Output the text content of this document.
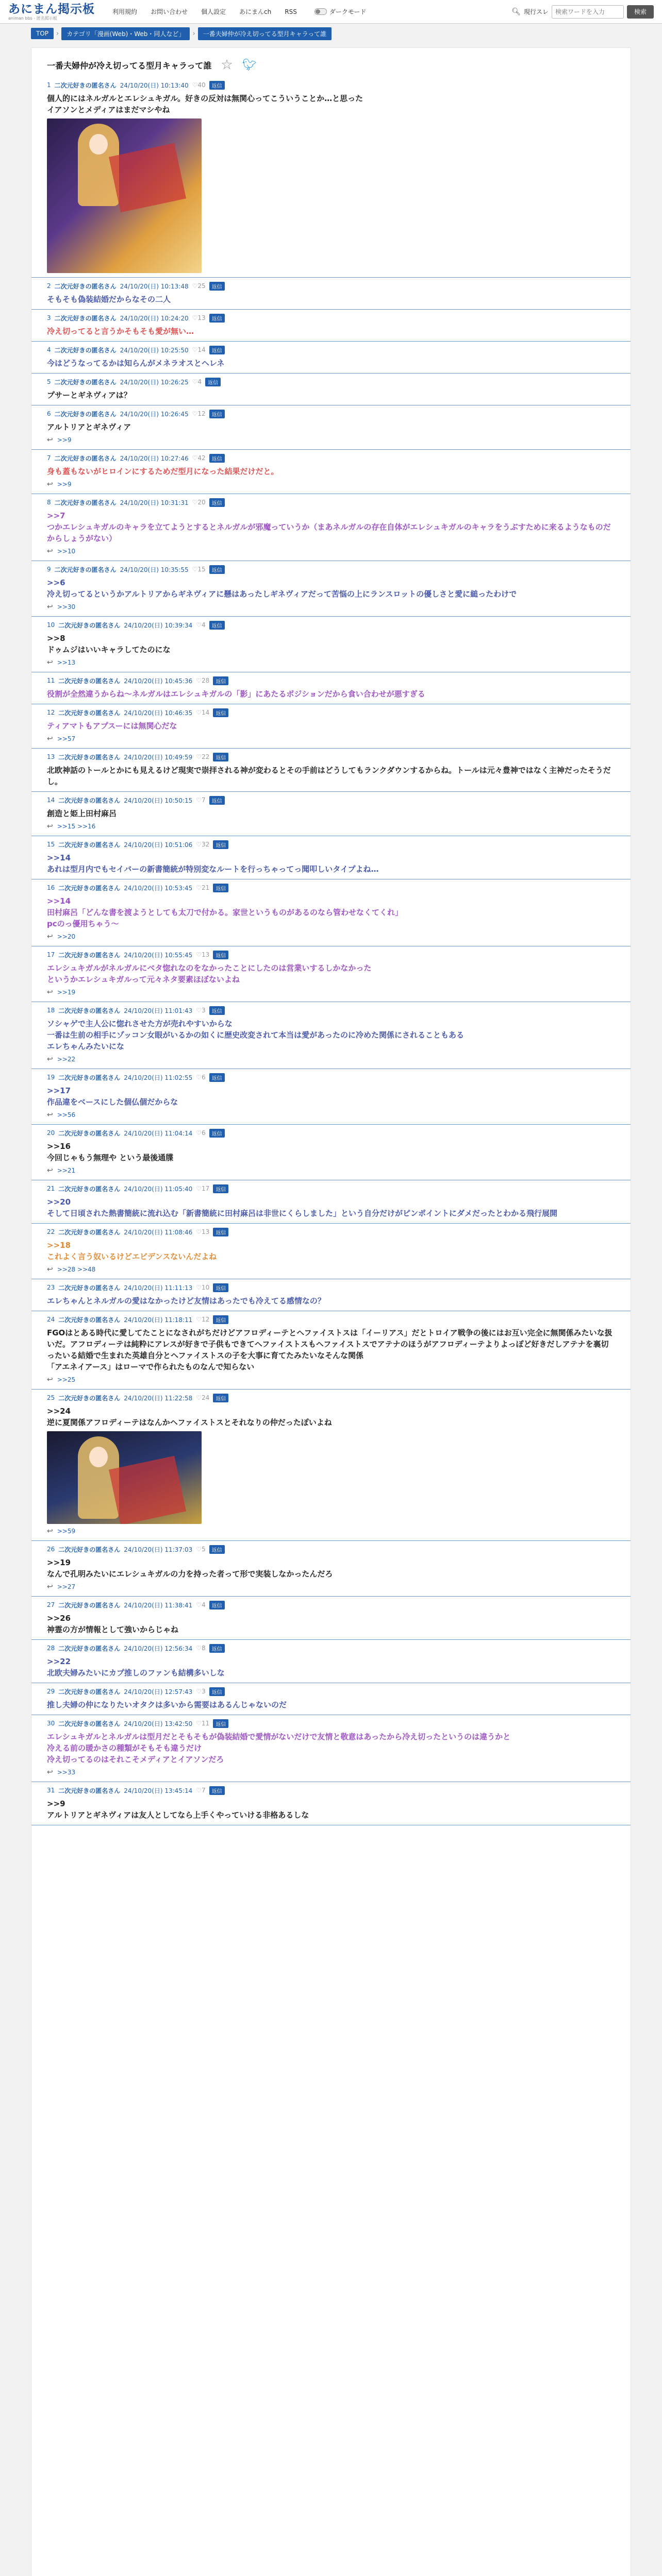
あにまん掲示板
animan bbs - 匿名掲示板
利用規約 お問い合わせ 個人設定 あにまんch RSS	ダークモード	🔍︎ 現行スレ
検索ワードを入力	検索
TOP	›	カテゴリ「漫画(Web)・Web・同人など」	›	一番夫婦仲が冷え切ってる型月キャラって誰
一番夫婦仲が冷え切ってる型月キャラって誰 ☆ 🐦︎
1 二次元好きの匿名さん 24/10/20(日) 10:13:40 ♡40	返信
個人的にはネルガルとエレシュキガル。好きの反対は無関心ってこういうことか…と思った
イアソンとメディアはまだマシやね
2 二次元好きの匿名さん 24/10/20(日) 10:13:48 ♡25	返信
そもそも偽装結婚だからなその二人
3 二次元好きの匿名さん 24/10/20(日) 10:24:20 ♡13	返信
冷え切ってると言うかそもそも愛が無い…
4 二次元好きの匿名さん 24/10/20(日) 10:25:50 ♡14	返信
今はどうなってるかは知らんがメネラオスとヘレネ
5 二次元好きの匿名さん 24/10/20(日) 10:26:25 ♡4	返信
プサーとギネヴィアは？
6 二次元好きの匿名さん 24/10/20(日) 10:26:45 ♡12	返信
アルトリアとギネヴィア
↩ >>9
7 二次元好きの匿名さん 24/10/20(日) 10:27:46 ♡42	返信
身も蓋もないがヒロインにするためだ型月になった結果だけだと。
↩ >>9
8 二次元好きの匿名さん 24/10/20(日) 10:31:31 ♡20	返信
>>7
つかエレシュキガルのキャラを立てようとするとネルガルが邪魔っていうか（まあネルガルの存在自体がエレシュキガルのキャラをうぶすために来るようなものだからしょうがない）
↩ >>10
9 二次元好きの匿名さん 24/10/20(日) 10:35:55 ♡15	返信
>>6
冷え切ってるというかアルトリアからギネヴィアに懸はあったしギネヴィアだって苦悩の上にランスロットの優しさと愛に縋ったわけで
↩ >>30
10 二次元好きの匿名さん 24/10/20(日) 10:39:34 ♡4	返信
>>8
ドゥムジはいいキャラしてたのにな
↩ >>13
11 二次元好きの匿名さん 24/10/20(日) 10:45:36 ♡28	返信
役割が全然違うからね～ネルガルはエレシュキガルの「影」にあたるポジションだから食い合わせが悪すぎる
12 二次元好きの匿名さん 24/10/20(日) 10:46:35 ♡14	返信
ティアマトもアプスーには無関心だな
↩ >>57
13 二次元好きの匿名さん 24/10/20(日) 10:49:59 ♡22	返信
北欧神話のトールとかにも見えるけど現実で崇拝される神が変わるとその手前はどうしてもランクダウンするからね。トールは元々豊神ではなく主神だったそうだし。
14 二次元好きの匿名さん 24/10/20(日) 10:50:15 ♡7	返信
創造と姫上田村麻呂
↩ >>15 >>16
15 二次元好きの匿名さん 24/10/20(日) 10:51:06 ♡32	返信
>>14
あれは型月内でもセイバーの新書簡統が特別変なルートを行っちゃってっ聞叩しいタイプよね…
16 二次元好きの匿名さん 24/10/20(日) 10:53:45 ♡21	返信
>>14
田村麻呂「どんな書を渡ようとしても太刀で付かる。家世というものがあるのなら管わせなくてくれ」
pcのっ優用ちゃう～
↩ >>20
17 二次元好きの匿名さん 24/10/20(日) 10:55:45 ♡13	返信
エレシュキガルがネルガルにベタ惚れなのをなかったことにしたのは営業いするしかなかった
というかエレシュキガルって元々ネタ要素ほぼないよね
↩ >>19
18 二次元好きの匿名さん 24/10/20(日) 11:01:43 ♡3	返信
ソシャゲで主人公に惚れさせた方が売れやすいからな
一番は生前の相手にゾッコン女眼がいるかの如くに歴史改変されて本当は愛があったのに冷めた関係にされることもある
エレちゃんみたいにな
↩ >>22
19 二次元好きの匿名さん 24/10/20(日) 11:02:55 ♡6	返信
>>17
作品違をベースにした個仏個だからな
↩ >>56
20 二次元好きの匿名さん 24/10/20(日) 11:04:14 ♡6	返信
>>16
今回じゃもう無理や という最後通牒
↩ >>21
21 二次元好きの匿名さん 24/10/20(日) 11:05:40 ♡17	返信
>>20
そして日頃された熱書簡統に流れ込む「新書簡統に田村麻呂は非世にくらしました」という自分だけがピンポイントにダメだったとわかる飛行展開
22 二次元好きの匿名さん 24/10/20(日) 11:08:46 ♡13	返信
>>18
これよく言う奴いるけどエビデンスないんだよね
↩ >>28 >>48
23 二次元好きの匿名さん 24/10/20(日) 11:11:13 ♡10	返信
エレちゃんとネルガルの愛はなかったけど友情はあったでも冷えてる感情なの？
24 二次元好きの匿名さん 24/10/20(日) 11:18:11 ♡12	返信
FGOはとある時代に愛してたことになされがちだけどアフロディーテとヘファイストスは「イーリアス」だとトロイア戦争の後にはお互い完全に無関係みたいな扱いだ。アフロディーテは純粋にアレスが好きで子供もできてヘファイストスもヘファイストスでアテナのほうがアフロディーテよりよっぽど好きだしアテナを裏切ったいる結婚で生まれた英雄自分とヘファイストスの子を大事に育てたみたいなそんな関係
「アエネイアース」はローマで作られたものなんで知らない
↩ >>25
25 二次元好きの匿名さん 24/10/20(日) 11:22:58 ♡24	返信
>>24
逆に夏関係アフロディーテはなんかヘファイストスとそれなりの仲だったぽいよね
↩ >>59
26 二次元好きの匿名さん 24/10/20(日) 11:37:03 ♡5	返信
>>19
なんで孔明みたいにエレシュキガルの力を持った者って形で実装しなかったんだろ
↩ >>27
27 二次元好きの匿名さん 24/10/20(日) 11:38:41 ♡4	返信
>>26
神霊の方が情報として強いからじゃね
28 二次元好きの匿名さん 24/10/20(日) 12:56:34 ♡8	返信
>>22
北欧夫婦みたいにカプ推しのファンも結構多いしな
29 二次元好きの匿名さん 24/10/20(日) 12:57:43 ♡3	返信
推し夫婦の仲になりたいオタクは多いから需要はあるんじゃないのだ
30 二次元好きの匿名さん 24/10/20(日) 13:42:50 ♡11	返信
エレシュキガルとネルガルは型月だとそもそもが偽装結婚で愛情がないだけで友情と敬意はあったから冷え切ったというのは違うかと
冷える前の暖かさの種類がそもそも違うだけ
冷え切ってるのはそれこそメディアとイアソンだろ
↩ >>33
31 二次元好きの匿名さん 24/10/20(日) 13:45:14 ♡7	返信
>>9
アルトリアとギネヴィアは友人としてなら上手くやっていける非格あるしな
